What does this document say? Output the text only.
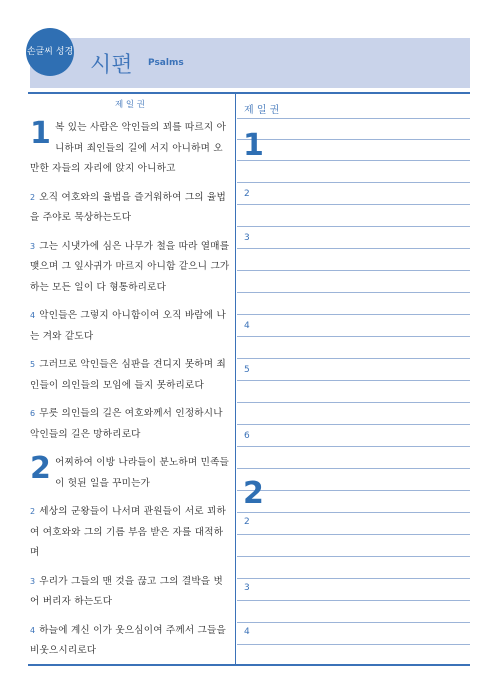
손글씨 성경
시편 Psalms
제 일 권

1 복 있는 사람은 악인들의 꾀를 따르지 아니하며 죄인들의 길에 서지 아니하며 오만한 자들의 자리에 앉지 아니하고

2 오직 여호와의 율법을 즐거워하여 그의 율법을 주야로 묵상하는도다

3 그는 시냇가에 심은 나무가 철을 따라 열매를 맺으며 그 잎사귀가 마르지 아니함 같으니 그가 하는 모든 일이 다 형통하리로다

4 악인들은 그렇지 아니함이여 오직 바람에 나는 겨와 같도다

5 그러므로 악인들은 심판을 견디지 못하며 죄인들이 의인들의 모임에 들지 못하리로다

6 무릇 의인들의 길은 여호와께서 인정하시나 악인들의 길은 망하리로다

2 어찌하여 이방 나라들이 분노하며 민족들이 헛된 일을 꾸미는가

2 세상의 군왕들이 나서며 관원들이 서로 꾀하여 여호와와 그의 기름 부음 받은 자를 대적하며

3 우리가 그들의 맨 것을 끊고 그의 결박을 벗어 버리자 하는도다

4 하늘에 계신 이가 웃으심이여 주께서 그들을 비웃으시리로다

제 일 권
1
2
3
4
5
6
2
2
3
4
